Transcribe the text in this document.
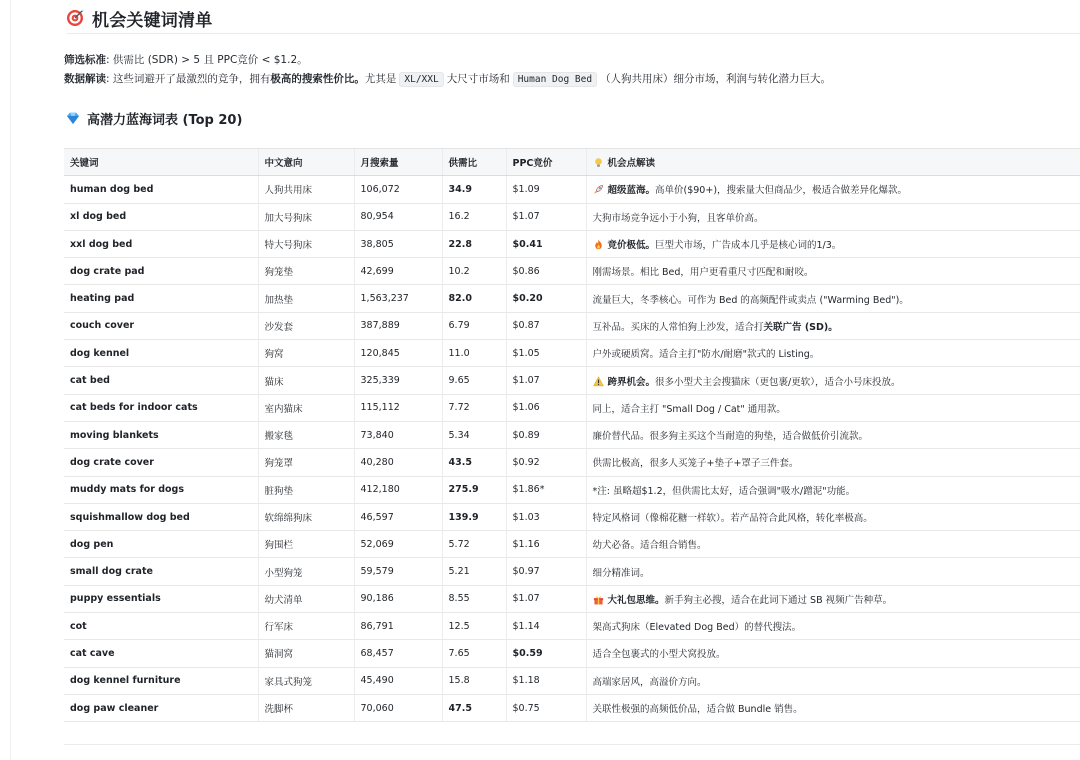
机会关键词清单
筛选标准: 供需比 (SDR) > 5 且 PPC竞价 < $1.2。
数据解读: 这些词避开了最激烈的竞争，拥有极高的搜索性价比。尤其是 XL/XXL 大尺寸市场和 Human Dog Bed （人狗共用床）细分市场，利润与转化潜力巨大。
高潜力蓝海词表 (Top 20)
关键词	中文意向	月搜索量	供需比	PPC竞价	机会点解读
human dog bed	人狗共用床	106,072	34.9	$1.09	超级蓝海。高单价($90+)，搜索量大但商品少，极适合做差异化爆款。
xl dog bed	加大号狗床	80,954	16.2	$1.07	大狗市场竞争远小于小狗，且客单价高。
xxl dog bed	特大号狗床	38,805	22.8	$0.41	竞价极低。巨型犬市场，广告成本几乎是核心词的1/3。
dog crate pad	狗笼垫	42,699	10.2	$0.86	刚需场景。相比 Bed，用户更看重尺寸匹配和耐咬。
heating pad	加热垫	1,563,237	82.0	$0.20	流量巨大，冬季核心。可作为 Bed 的高频配件或卖点 ("Warming Bed")。
couch cover	沙发套	387,889	6.79	$0.87	互补品。买床的人常怕狗上沙发，适合打关联广告 (SD)。
dog kennel	狗窝	120,845	11.0	$1.05	户外或硬质窝。适合主打"防水/耐磨"款式的 Listing。
cat bed	猫床	325,339	9.65	$1.07	跨界机会。很多小型犬主会搜猫床（更包裹/更软），适合小号床投放。
cat beds for indoor cats	室内猫床	115,112	7.72	$1.06	同上，适合主打 "Small Dog / Cat" 通用款。
moving blankets	搬家毯	73,840	5.34	$0.89	廉价替代品。很多狗主买这个当耐造的狗垫，适合做低价引流款。
dog crate cover	狗笼罩	40,280	43.5	$0.92	供需比极高，很多人买笼子+垫子+罩子三件套。
muddy mats for dogs	脏狗垫	412,180	275.9	$1.86*	*注: 虽略超$1.2，但供需比太好，适合强调"吸水/蹭泥"功能。
squishmallow dog bed	软绵绵狗床	46,597	139.9	$1.03	特定风格词（像棉花糖一样软）。若产品符合此风格，转化率极高。
dog pen	狗围栏	52,069	5.72	$1.16	幼犬必备。适合组合销售。
small dog crate	小型狗笼	59,579	5.21	$0.97	细分精准词。
puppy essentials	幼犬清单	90,186	8.55	$1.07	大礼包思维。新手狗主必搜，适合在此词下通过 SB 视频广告种草。
cot	行军床	86,791	12.5	$1.14	架高式狗床（Elevated Dog Bed）的替代搜法。
cat cave	猫洞窝	68,457	7.65	$0.59	适合全包裹式的小型犬窝投放。
dog kennel furniture	家具式狗笼	45,490	15.8	$1.18	高端家居风，高溢价方向。
dog paw cleaner	洗脚杯	70,060	47.5	$0.75	关联性极强的高频低价品，适合做 Bundle 销售。
